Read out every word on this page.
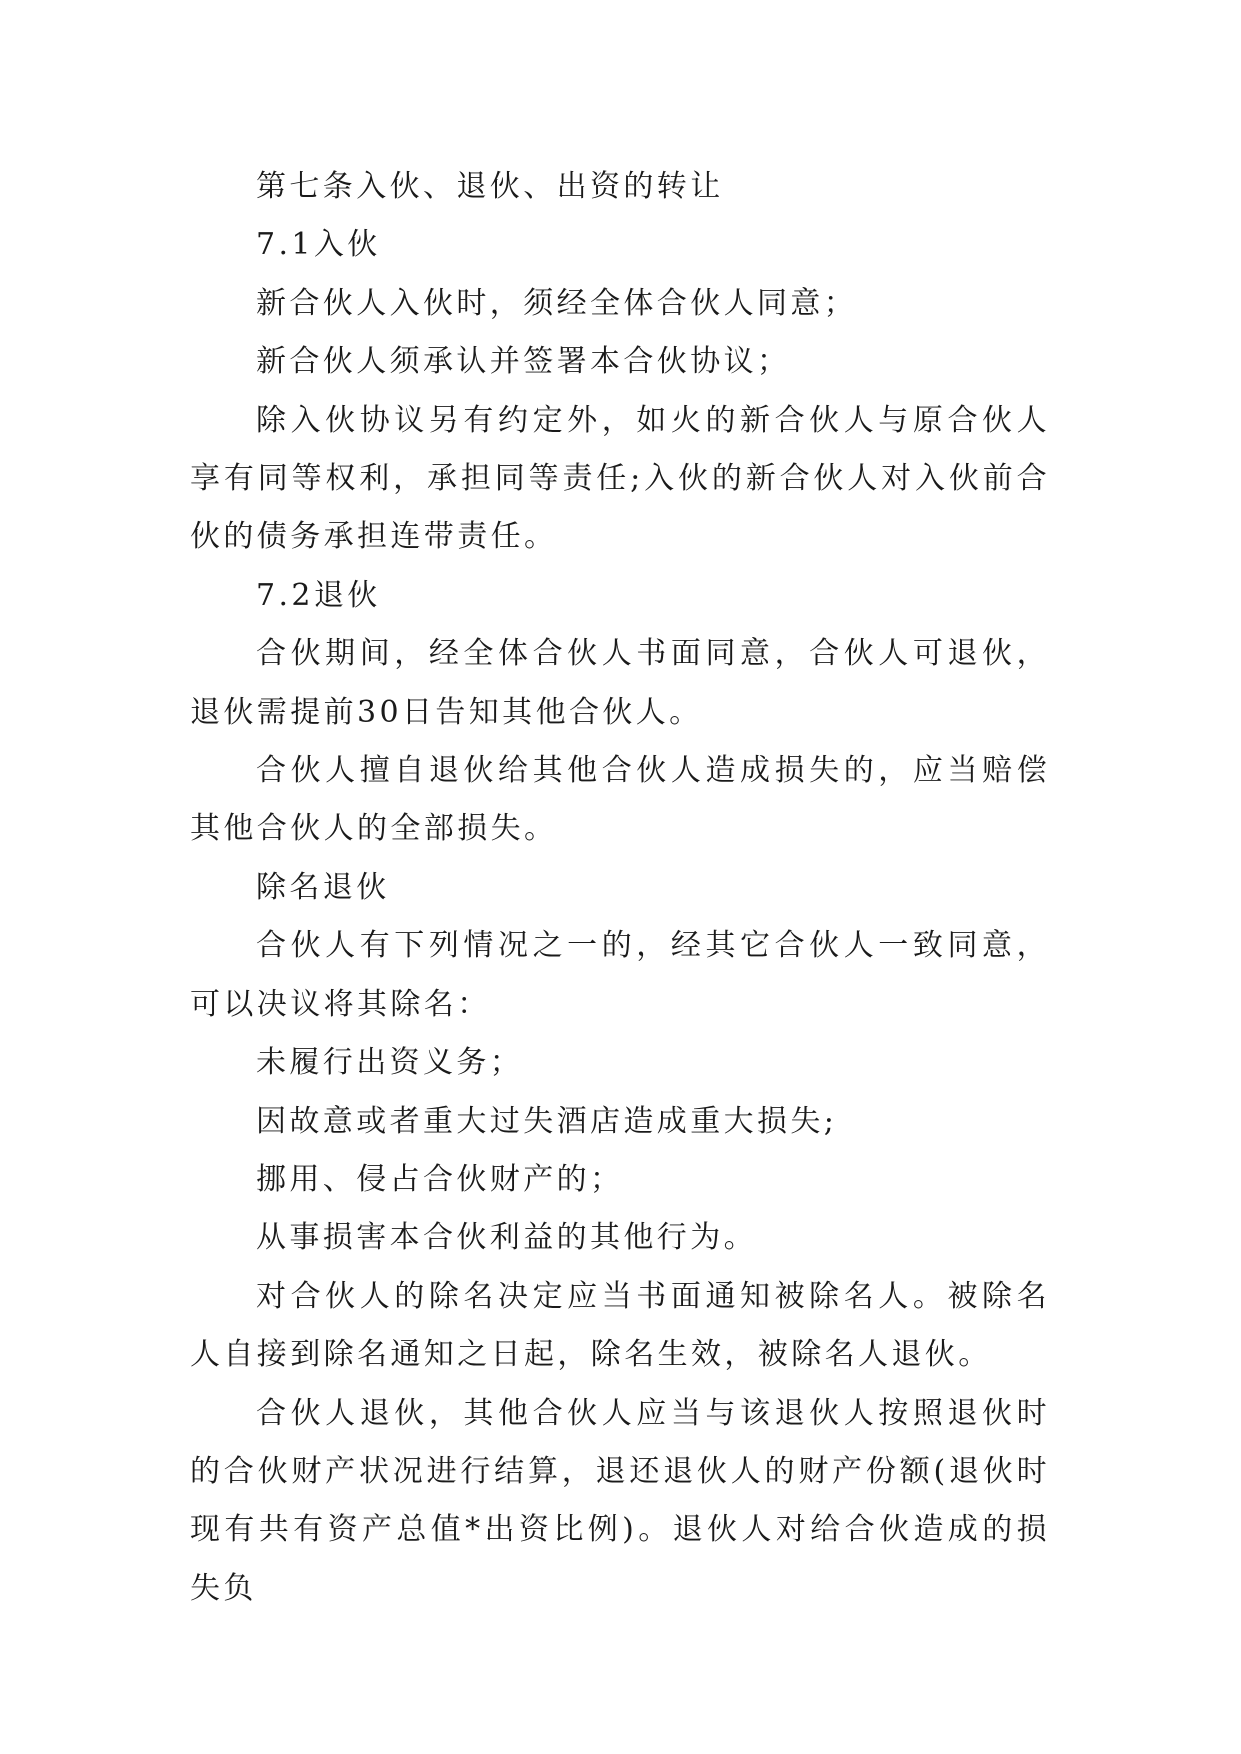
第七条入伙、退伙、出资的转让

7.1入伙

新合伙人入伙时，须经全体合伙人同意；

新合伙人须承认并签署本合伙协议；

除入伙协议另有约定外，如火的新合伙人与原合伙人享有同等权利，承担同等责任;入伙的新合伙人对入伙前合伙的债务承担连带责任。

7.2退伙

合伙期间，经全体合伙人书面同意，合伙人可退伙，退伙需提前30日告知其他合伙人。

合伙人擅自退伙给其他合伙人造成损失的，应当赔偿其他合伙人的全部损失。

除名退伙

合伙人有下列情况之一的，经其它合伙人一致同意，可以决议将其除名：

未履行出资义务；

因故意或者重大过失酒店造成重大损失;

挪用、侵占合伙财产的；

从事损害本合伙利益的其他行为。

对合伙人的除名决定应当书面通知被除名人。被除名人自接到除名通知之日起，除名生效，被除名人退伙。

合伙人退伙，其他合伙人应当与该退伙人按照退伙时的合伙财产状况进行结算，退还退伙人的财产份额(退伙时现有共有资产总值*出资比例)。退伙人对给合伙造成的损失负
